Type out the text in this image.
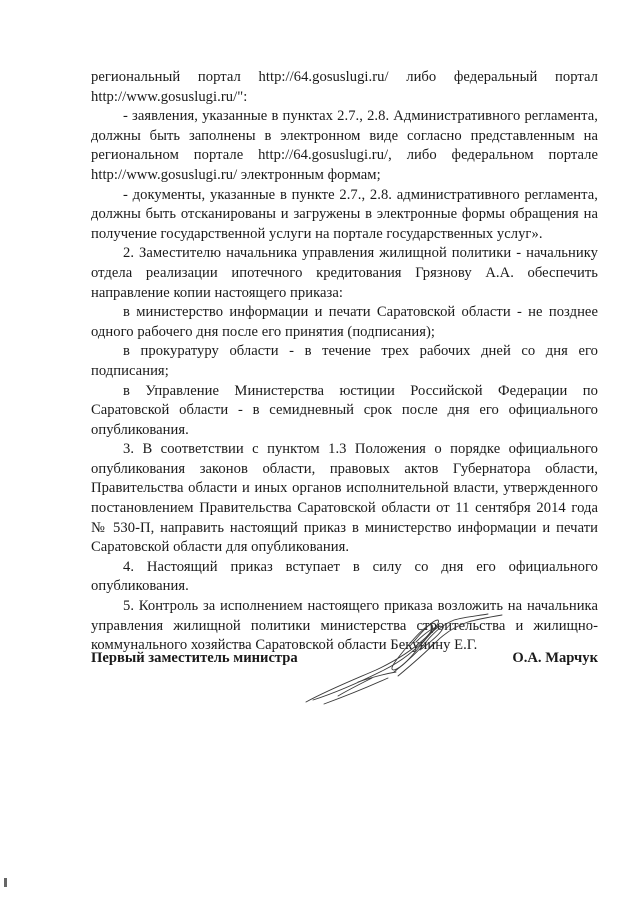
региональный портал http://64.gosuslugi.ru/ либо федеральный портал http://www.gosuslugi.ru/":

- заявления, указанные в пунктах 2.7., 2.8. Административного регламента, должны быть заполнены в электронном виде согласно представленным на региональном портале http://64.gosuslugi.ru/, либо федеральном портале http://www.gosuslugi.ru/ электронным формам;

- документы, указанные в пункте 2.7., 2.8. административного регламента, должны быть отсканированы и загружены в электронные формы обращения на получение государственной услуги на портале государственных услуг».

2. Заместителю начальника управления жилищной политики - начальнику отдела реализации ипотечного кредитования Грязнову А.А. обеспечить направление копии настоящего приказа:

в министерство информации и печати Саратовской области - не позднее одного рабочего дня после его принятия (подписания);

в прокуратуру области - в течение трех рабочих дней со дня его подписания;

в Управление Министерства юстиции Российской Федерации по Саратовской области - в семидневный срок после дня его официального опубликования.

3. В соответствии с пунктом 1.3 Положения о порядке официального опубликования законов области, правовых актов Губернатора области, Правительства области и иных органов исполнительной власти, утвержденного постановлением Правительства Саратовской области от 11 сентября 2014 года № 530-П, направить настоящий приказ в министерство информации и печати Саратовской области для опубликования.

4. Настоящий приказ вступает в силу со дня его официального опубликования.

5. Контроль за исполнением настоящего приказа возложить на начальника управления жилищной политики министерства строительства и жилищно-коммунального хозяйства Саратовской области Бекунину Е.Г.

Первый заместитель министра	О.А. Марчук
